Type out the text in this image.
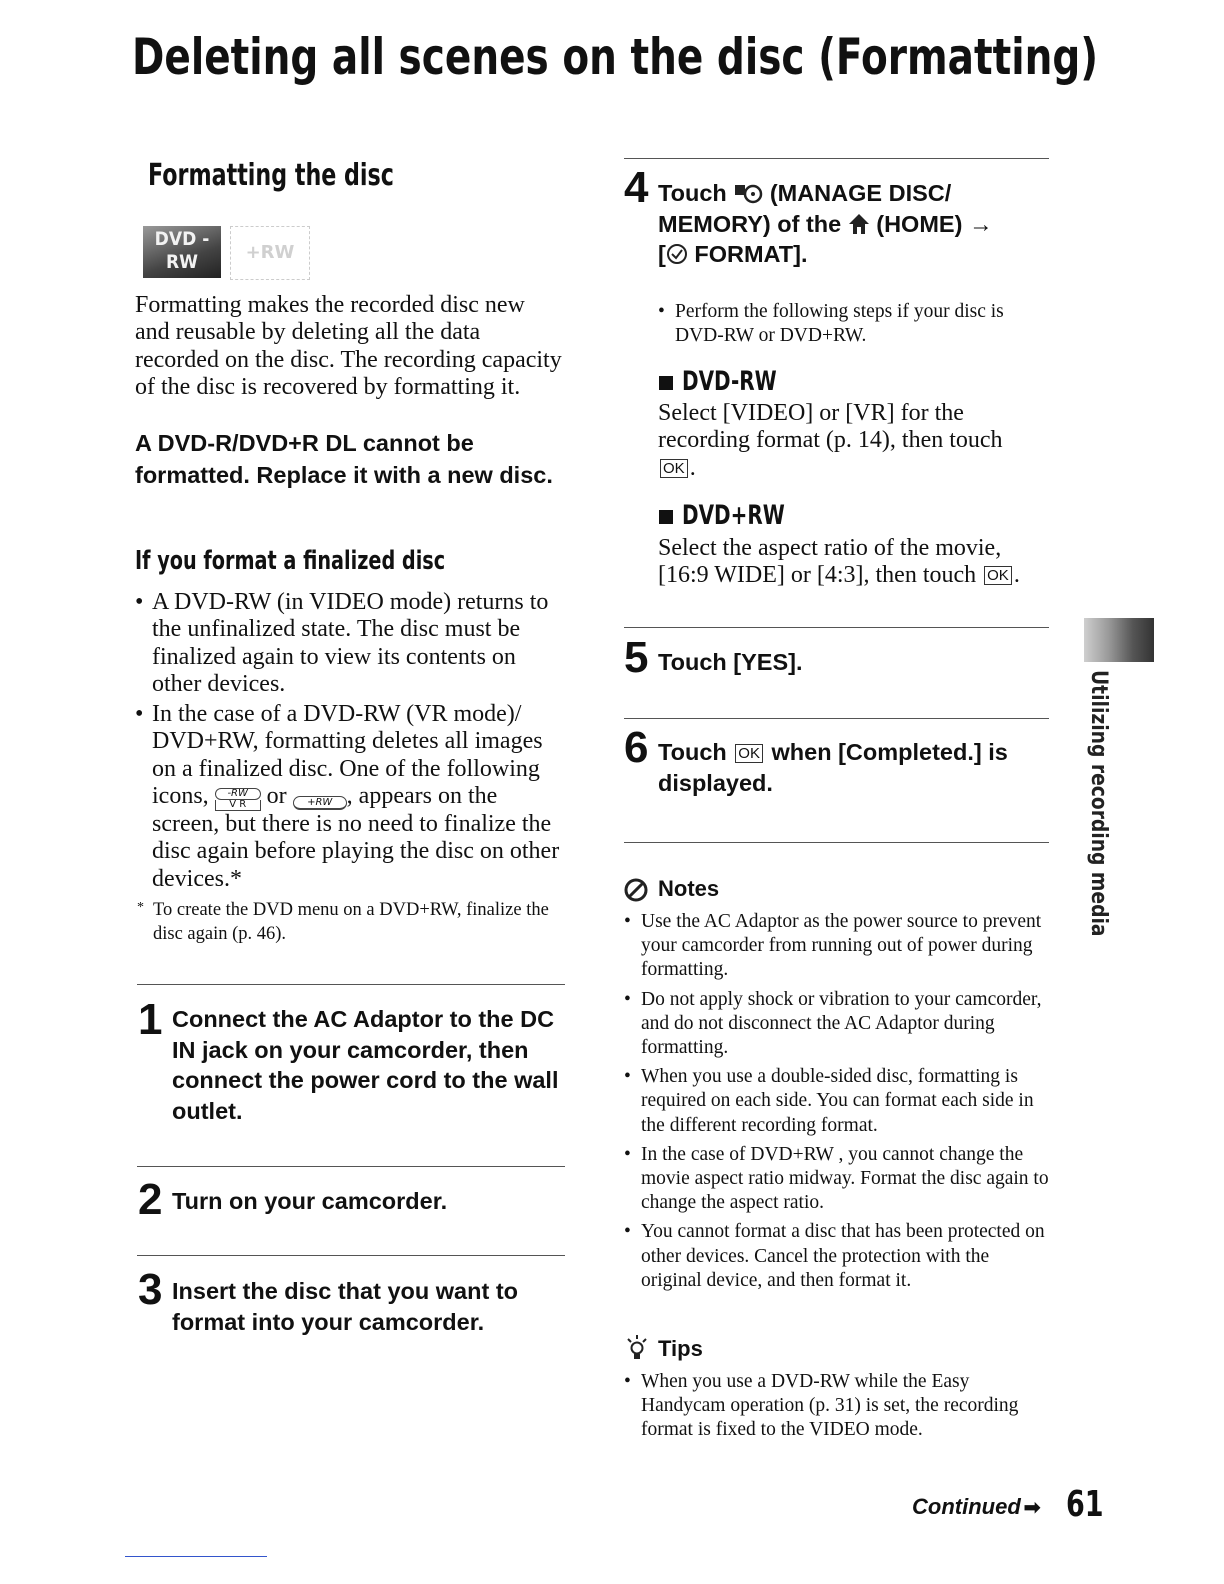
Deleting all scenes on the disc (Formatting)
Formatting the disc
DVD -RW	+RW
Formatting makes the recorded disc new and reusable by deleting all the data recorded on the disc. The recording capacity of the disc is recovered by formatting it.
A DVD-R/DVD+R DL cannot be formatted. Replace it with a new disc.
If you format a finalized disc
• A DVD-RW (in VIDEO mode) returns to the unfinalized state. The disc must be finalized again to view its contents on other devices.
• In the case of a DVD-RW (VR mode)/ DVD+RW, formatting deletes all images on a finalized disc. One of the following icons, $\frac{-RW}{\text{V R}}$ or +RW , appears on the screen, but there is no need to finalize the disc again before playing the disc on other devices.*
* To create the DVD menu on a DVD+RW, finalize the disc again (p. 46).
1 Connect the AC Adaptor to the DC IN jack on your camcorder, then connect the power cord to the wall outlet.
2 Turn on your camcorder.
3 Insert the disc that you want to format into your camcorder.
4 Touch (MANAGE DISC/ MEMORY) of the (HOME) →
[ FORMAT].
• Perform the following steps if your disc is DVD-RW or DVD+RW.
DVD-RW
Select [VIDEO] or [VR] for the recording format (p. 14), then touch OK .
DVD+RW
Select the aspect ratio of the movie, [16:9 WIDE] or [4:3], then touch OK .
5 Touch [YES].
6 Touch OK when [Completed.] is displayed.
Notes
• Use the AC Adaptor as the power source to prevent your camcorder from running out of power during formatting.
• Do not apply shock or vibration to your camcorder, and do not disconnect the AC Adaptor during formatting.
• When you use a double-sided disc, formatting is required on each side. You can format each side in the different recording format.
• In the case of DVD+RW , you cannot change the movie aspect ratio midway. Format the disc again to change the aspect ratio.
• You cannot format a disc that has been protected on other devices. Cancel the protection with the original device, and then format it.
Tips
• When you use a DVD-RW while the Easy Handycam operation (p. 31) is set, the recording format is fixed to the VIDEO mode.
Utilizing recording media
Continued ➡ 61
